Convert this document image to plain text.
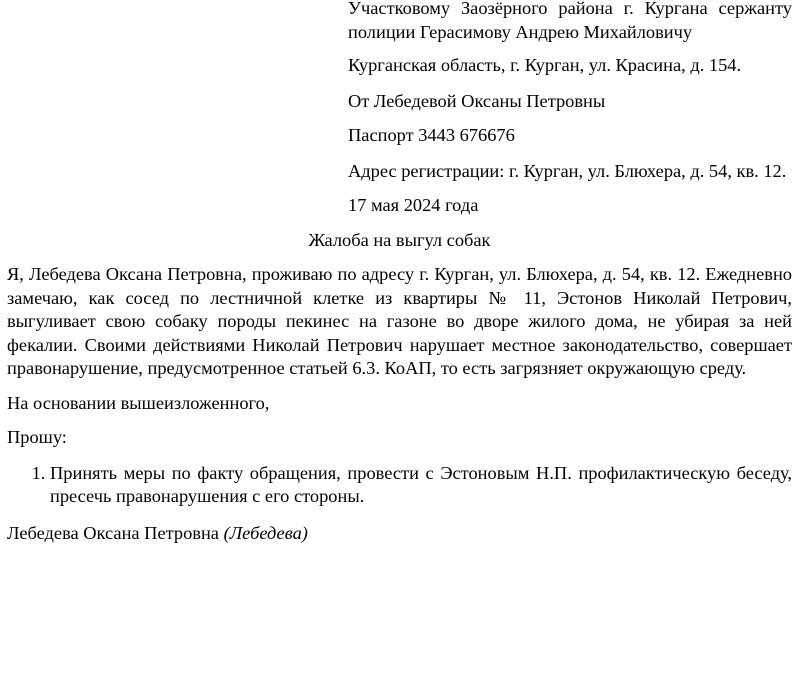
Участковому Заозёрного района г. Кургана сержанту полиции Герасимову Андрею Михайловичу

Курганская область, г. Курган, ул. Красина, д. 154.

От Лебедевой Оксаны Петровны

Паспорт 3443 676676

Адрес регистрации: г. Курган, ул. Блюхера, д. 54, кв. 12.

17 мая 2024 года

Жалоба на выгул собак

Я, Лебедева Оксана Петровна, проживаю по адресу г. Курган, ул. Блюхера, д. 54, кв. 12. Ежедневно замечаю, как сосед по лестничной клетке из квартиры № 11, Эстонов Николай Петрович, выгуливает свою собаку породы пекинес на газоне во дворе жилого дома, не убирая за ней фекалии. Своими действиями Николай Петрович нарушает местное законодательство, совершает правонарушение, предусмотренное статьей 6.3. КоАП, то есть загрязняет окружающую среду.

На основании вышеизложенного,

Прошу:

1. Принять меры по факту обращения, провести с Эстоновым Н.П. профилактическую беседу, пресечь правонарушения с его стороны.

Лебедева Оксана Петровна (Лебедева)
